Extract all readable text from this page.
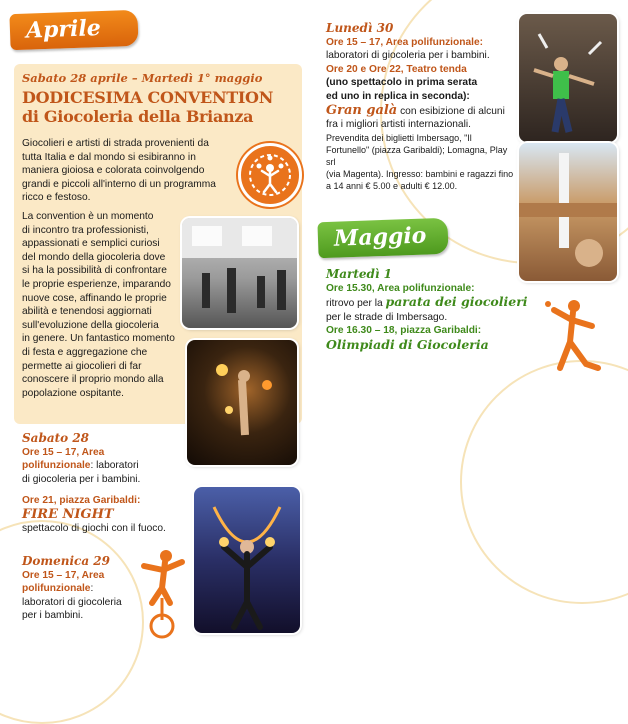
Aprile
Sabato 28 aprile – Martedì 1° maggio
DODICESIMA CONVENTION
di Giocoleria della Brianza
Giocolieri e artisti di strada provenienti da
tutta Italia e dal mondo si esibiranno in
maniera gioiosa e colorata coinvolgendo
grandi e piccoli all'interno di un programma
ricco e festoso.
La convention è un momento
di incontro tra professionisti,
appassionati e semplici curiosi
del mondo della giocoleria dove
si ha la possibilità di confrontare
le proprie esperienze, imparando
nuove cose, affinando le proprie
abilità e tenendosi aggiornati
sull'evoluzione della giocoleria
in genere. Un fantastico momento
di festa e aggregazione che
permette ai giocolieri di far
conoscere il proprio mondo alla
popolazione ospitante.
Sabato 28
Ore 15 – 17, Area
polifunzionale: laboratori
di giocoleria per i bambini.
Ore 21, piazza Garibaldi:
FIRE NIGHT
spettacolo di giochi con il fuoco.
Domenica 29
Ore 15 – 17, Area
polifunzionale:
laboratori di giocoleria
per i bambini.
Lunedì 30
Ore 15 – 17, Area polifunzionale:
laboratori di giocoleria per i bambini.
Ore 20 e Ore 22, Teatro tenda
(uno spettacolo in prima serata
ed uno in replica in seconda):
Gran galà con esibizione di alcuni
fra i migliori artisti internazionali.
Prevendita dei biglietti Imbersago, "Il
Fortunello" (piazza Garibaldi); Lomagna, Play srl
(via Magenta). Ingresso: bambini e ragazzi fino
a 14 anni € 5.00 e adulti € 12.00.
Maggio
Martedì 1
Ore 15.30, Area polifunzionale:
ritrovo per la parata dei giocolieri
per le strade di Imbersago.
Ore 16.30 – 18, piazza Garibaldi:
Olimpiadi di Giocoleria
